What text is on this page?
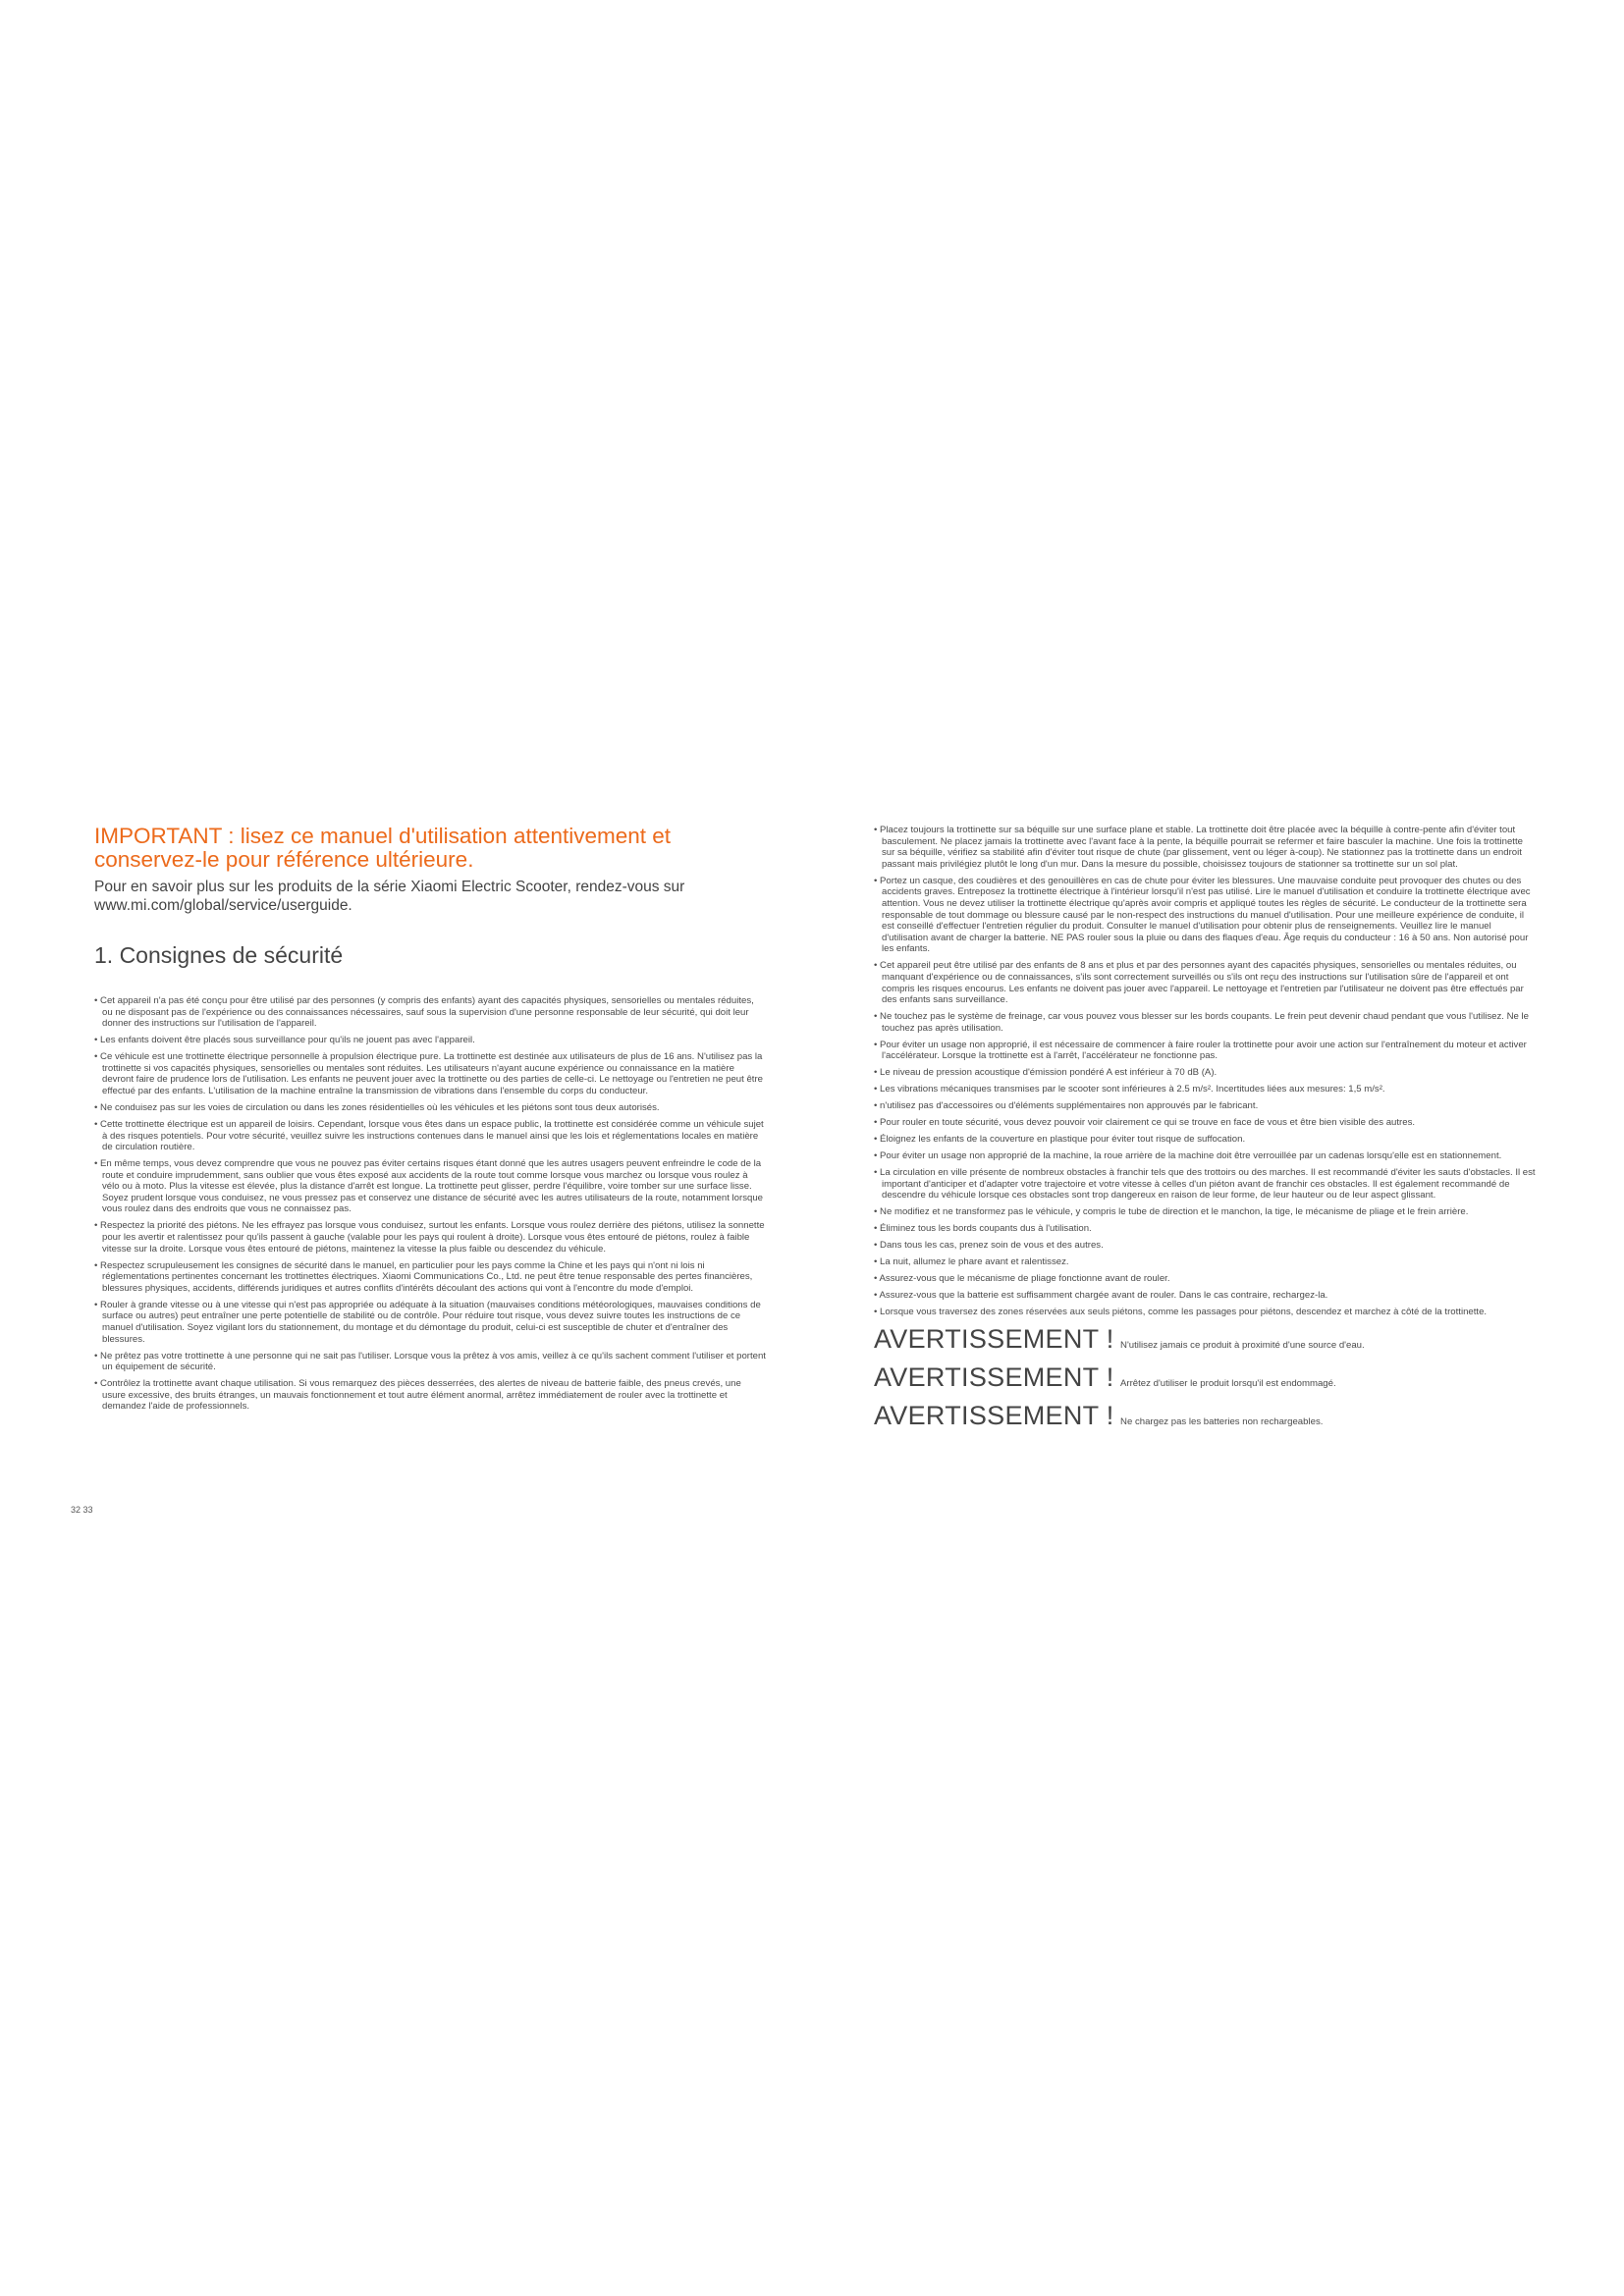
IMPORTANT : lisez ce manuel d'utilisation attentivement et conservez-le pour référence ultérieure.

Pour en savoir plus sur les produits de la série Xiaomi Electric Scooter, rendez-vous sur www.mi.com/global/service/userguide.

1. Consignes de sécurité
• Cet appareil n'a pas été conçu pour être utilisé par des personnes (y compris des enfants) ayant des capacités physiques, sensorielles ou mentales réduites, ou ne disposant pas de l'expérience ou des connaissances nécessaires, sauf sous la supervision d'une personne responsable de leur sécurité, qui doit leur donner des instructions sur l'utilisation de l'appareil.
• Les enfants doivent être placés sous surveillance pour qu'ils ne jouent pas avec l'appareil.
• Ce véhicule est une trottinette électrique personnelle à propulsion électrique pure. La trottinette est destinée aux utilisateurs de plus de 16 ans. N'utilisez pas la trottinette si vos capacités physiques, sensorielles ou mentales sont réduites. Les utilisateurs n'ayant aucune expérience ou connaissance en la matière devront faire de prudence lors de l'utilisation. Les enfants ne peuvent jouer avec la trottinette ou des parties de celle-ci. Le nettoyage ou l'entretien ne peut être effectué par des enfants. L'utilisation de la machine entraîne la transmission de vibrations dans l'ensemble du corps du conducteur.
• Ne conduisez pas sur les voies de circulation ou dans les zones résidentielles où les véhicules et les piétons sont tous deux autorisés.
• Cette trottinette électrique est un appareil de loisirs. Cependant, lorsque vous êtes dans un espace public, la trottinette est considérée comme un véhicule sujet à des risques potentiels. Pour votre sécurité, veuillez suivre les instructions contenues dans le manuel ainsi que les lois et réglementations locales en matière de circulation routière.
• En même temps, vous devez comprendre que vous ne pouvez pas éviter certains risques étant donné que les autres usagers peuvent enfreindre le code de la route et conduire imprudemment, sans oublier que vous êtes exposé aux accidents de la route tout comme lorsque vous marchez ou lorsque vous roulez à vélo ou à moto. Plus la vitesse est élevée, plus la distance d'arrêt est longue. La trottinette peut glisser, perdre l'équilibre, voire tomber sur une surface lisse. Soyez prudent lorsque vous conduisez, ne vous pressez pas et conservez une distance de sécurité avec les autres utilisateurs de la route, notamment lorsque vous roulez dans des endroits que vous ne connaissez pas.
• Respectez la priorité des piétons. Ne les effrayez pas lorsque vous conduisez, surtout les enfants. Lorsque vous roulez derrière des piétons, utilisez la sonnette pour les avertir et ralentissez pour qu'ils passent à gauche (valable pour les pays qui roulent à droite). Lorsque vous êtes entouré de piétons, roulez à faible vitesse sur la droite. Lorsque vous êtes entouré de piétons, maintenez la vitesse la plus faible ou descendez du véhicule.
• Respectez scrupuleusement les consignes de sécurité dans le manuel, en particulier pour les pays comme la Chine et les pays qui n'ont ni lois ni réglementations pertinentes concernant les trottinettes électriques. Xiaomi Communications Co., Ltd. ne peut être tenue responsable des pertes financières, blessures physiques, accidents, différends juridiques et autres conflits d'intérêts découlant des actions qui vont à l'encontre du mode d'emploi.
• Rouler à grande vitesse ou à une vitesse qui n'est pas appropriée ou adéquate à la situation (mauvaises conditions météorologiques, mauvaises conditions de surface ou autres) peut entraîner une perte potentielle de stabilité ou de contrôle. Pour réduire tout risque, vous devez suivre toutes les instructions de ce manuel d'utilisation. Soyez vigilant lors du stationnement, du montage et du démontage du produit, celui-ci est susceptible de chuter et d'entraîner des blessures.
• Ne prêtez pas votre trottinette à une personne qui ne sait pas l'utiliser. Lorsque vous la prêtez à vos amis, veillez à ce qu'ils sachent comment l'utiliser et portent un équipement de sécurité.
• Contrôlez la trottinette avant chaque utilisation. Si vous remarquez des pièces desserrées, des alertes de niveau de batterie faible, des pneus crevés, une usure excessive, des bruits étranges, un mauvais fonctionnement et tout autre élément anormal, arrêtez immédiatement de rouler avec la trottinette et demandez l'aide de professionnels.
32 33
• Placez toujours la trottinette sur sa béquille sur une surface plane et stable. La trottinette doit être placée avec la béquille à contre-pente afin d'éviter tout basculement. Ne placez jamais la trottinette avec l'avant face à la pente, la béquille pourrait se refermer et faire basculer la machine. Une fois la trottinette sur sa béquille, vérifiez sa stabilité afin d'éviter tout risque de chute (par glissement, vent ou léger à-coup). Ne stationnez pas la trottinette dans un endroit passant mais privilégiez plutôt le long d'un mur. Dans la mesure du possible, choisissez toujours de stationner sa trottinette sur un sol plat.
• Portez un casque, des coudières et des genouillères en cas de chute pour éviter les blessures. Une mauvaise conduite peut provoquer des chutes ou des accidents graves. Entreposez la trottinette électrique à l'intérieur lorsqu'il n'est pas utilisé. Lire le manuel d'utilisation et conduire la trottinette électrique avec attention. Vous ne devez utiliser la trottinette électrique qu'après avoir compris et appliqué toutes les règles de sécurité. Le conducteur de la trottinette sera responsable de tout dommage ou blessure causé par le non-respect des instructions du manuel d'utilisation. Pour une meilleure expérience de conduite, il est conseillé d'effectuer l'entretien régulier du produit. Consulter le manuel d'utilisation pour obtenir plus de renseignements. Veuillez lire le manuel d'utilisation avant de charger la batterie. NE PAS rouler sous la pluie ou dans des flaques d'eau. Âge requis du conducteur : 16 à 50 ans. Non autorisé pour les enfants.
• Cet appareil peut être utilisé par des enfants de 8 ans et plus et par des personnes ayant des capacités physiques, sensorielles ou mentales réduites, ou manquant d'expérience ou de connaissances, s'ils sont correctement surveillés ou s'ils ont reçu des instructions sur l'utilisation sûre de l'appareil et ont compris les risques encourus. Les enfants ne doivent pas jouer avec l'appareil. Le nettoyage et l'entretien par l'utilisateur ne doivent pas être effectués par des enfants sans surveillance.
• Ne touchez pas le système de freinage, car vous pouvez vous blesser sur les bords coupants. Le frein peut devenir chaud pendant que vous l'utilisez. Ne le touchez pas après utilisation.
• Pour éviter un usage non approprié, il est nécessaire de commencer à faire rouler la trottinette pour avoir une action sur l'entraînement du moteur et activer l'accélérateur. Lorsque la trottinette est à l'arrêt, l'accélérateur ne fonctionne pas.
• Le niveau de pression acoustique d'émission pondéré A est inférieur à 70 dB (A).
• Les vibrations mécaniques transmises par le scooter sont inférieures à 2.5 m/s². Incertitudes liées aux mesures: 1,5 m/s².
• n'utilisez pas d'accessoires ou d'éléments supplémentaires non approuvés par le fabricant.
• Pour rouler en toute sécurité, vous devez pouvoir voir clairement ce qui se trouve en face de vous et être bien visible des autres.
• Éloignez les enfants de la couverture en plastique pour éviter tout risque de suffocation.
• Pour éviter un usage non approprié de la machine, la roue arrière de la machine doit être verrouillée par un cadenas lorsqu'elle est en stationnement.
• La circulation en ville présente de nombreux obstacles à franchir tels que des trottoirs ou des marches. Il est recommandé d'éviter les sauts d'obstacles. Il est important d'anticiper et d'adapter votre trajectoire et votre vitesse à celles d'un piéton avant de franchir ces obstacles. Il est également recommandé de descendre du véhicule lorsque ces obstacles sont trop dangereux en raison de leur forme, de leur hauteur ou de leur aspect glissant.
• Ne modifiez et ne transformez pas le véhicule, y compris le tube de direction et le manchon, la tige, le mécanisme de pliage et le frein arrière.
• Éliminez tous les bords coupants dus à l'utilisation.
• Dans tous les cas, prenez soin de vous et des autres.
• La nuit, allumez le phare avant et ralentissez.
• Assurez-vous que le mécanisme de pliage fonctionne avant de rouler.
• Assurez-vous que la batterie est suffisamment chargée avant de rouler. Dans le cas contraire, rechargez-la.
• Lorsque vous traversez des zones réservées aux seuls piétons, comme les passages pour piétons, descendez et marchez à côté de la trottinette.

AVERTISSEMENT ! N'utilisez jamais ce produit à proximité d'une source d'eau.

AVERTISSEMENT ! Arrêtez d'utiliser le produit lorsqu'il est endommagé.

AVERTISSEMENT ! Ne chargez pas les batteries non rechargeables.
